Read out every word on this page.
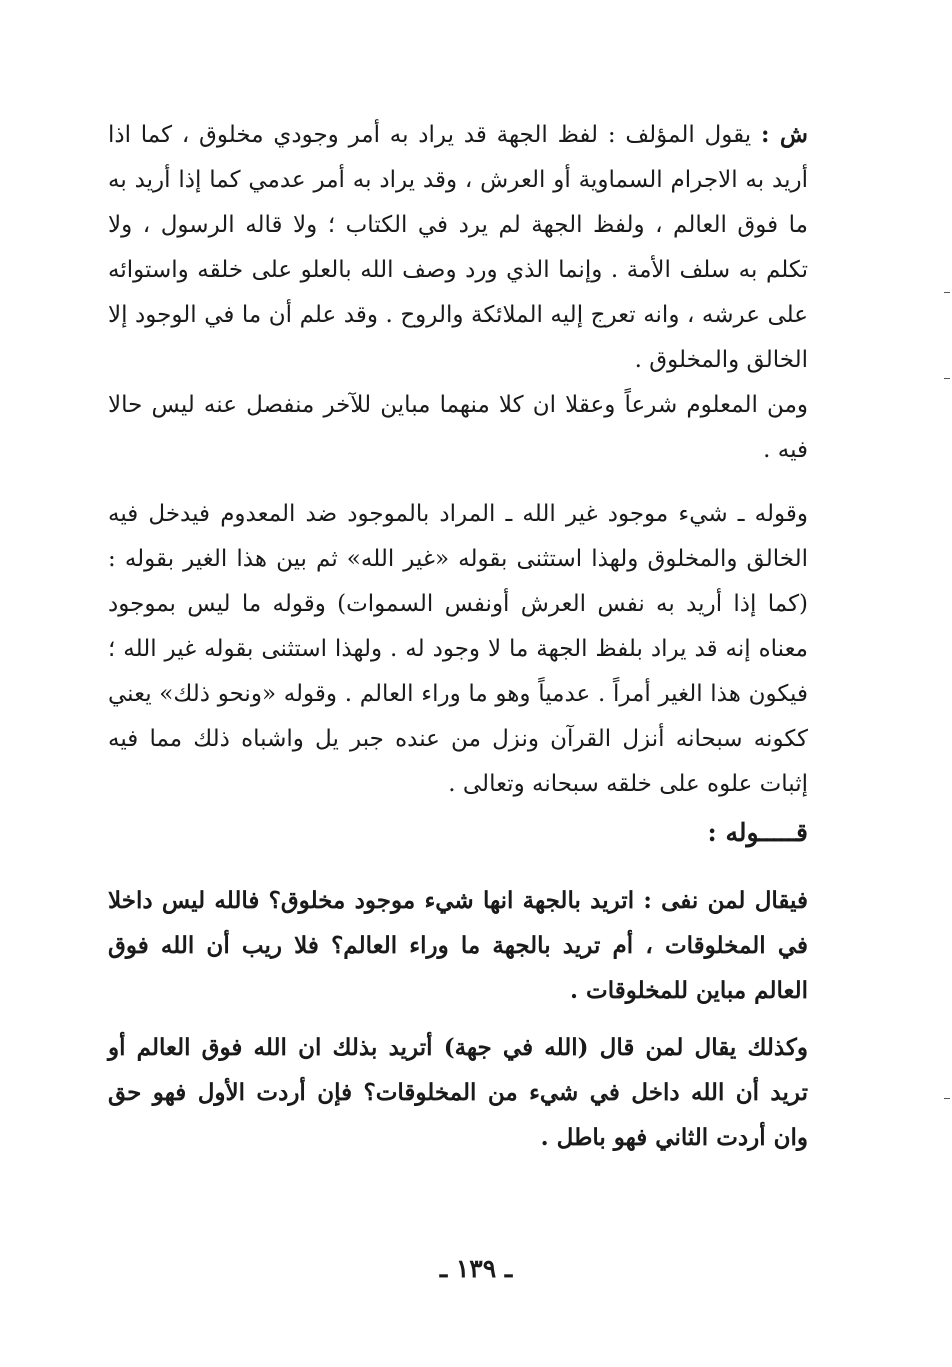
ش : يقول المؤلف : لفظ الجهة قد يراد به أمر وجودي مخلوق ، كما اذا أريد به الاجرام السماوية أو العرش ، وقد يراد به أمر عدمي كما إذا أريد به ما فوق العالم ، ولفظ الجهة لم يرد في الكتاب ؛ ولا قاله الرسول ، ولا تكلم به سلف الأمة . وإنما الذي ورد وصف الله بالعلو على خلقه واستوائه على عرشه ، وانه تعرج إليه الملائكة والروح . وقد علم أن ما في الوجود إلا الخالق والمخلوق .

ومن المعلوم شرعاً وعقلا ان كلا منهما مباين للآخر منفصل عنه ليس حالا فيه .

وقوله ـ شيء موجود غير الله ـ المراد بالموجود ضد المعدوم فيدخل فيه الخالق والمخلوق ولهذا استثنى بقوله «غير الله» ثم بين هذا الغير بقوله : (كما إذا أريد به نفس العرش أونفس السموات) وقوله ما ليس بموجود معناه إنه قد يراد بلفظ الجهة ما لا وجود له . ولهذا استثنى بقوله غير الله ؛ فيكون هذا الغير أمراً . عدمياً وهو ما وراء العالم . وقوله «ونحو ذلك» يعني ككونه سبحانه أنزل القرآن ونزل من عنده جبر يل واشباه ذلك مما فيه إثبات علوه على خلقه سبحانه وتعالى .

قـــــوله :

فيقال لمن نفى : اتريد بالجهة انها شيء موجود مخلوق؟ فالله ليس داخلا في المخلوقات ، أم تريد بالجهة ما وراء العالم؟ فلا ريب أن الله فوق العالم مباين للمخلوقات .

وكذلك يقال لمن قال (الله في جهة) أتريد بذلك ان الله فوق العالم أو تريد أن الله داخل في شيء من المخلوقات؟ فإن أردت الأول فهو حق وان أردت الثاني فهو باطل .

ـ ١٣٩ ـ
